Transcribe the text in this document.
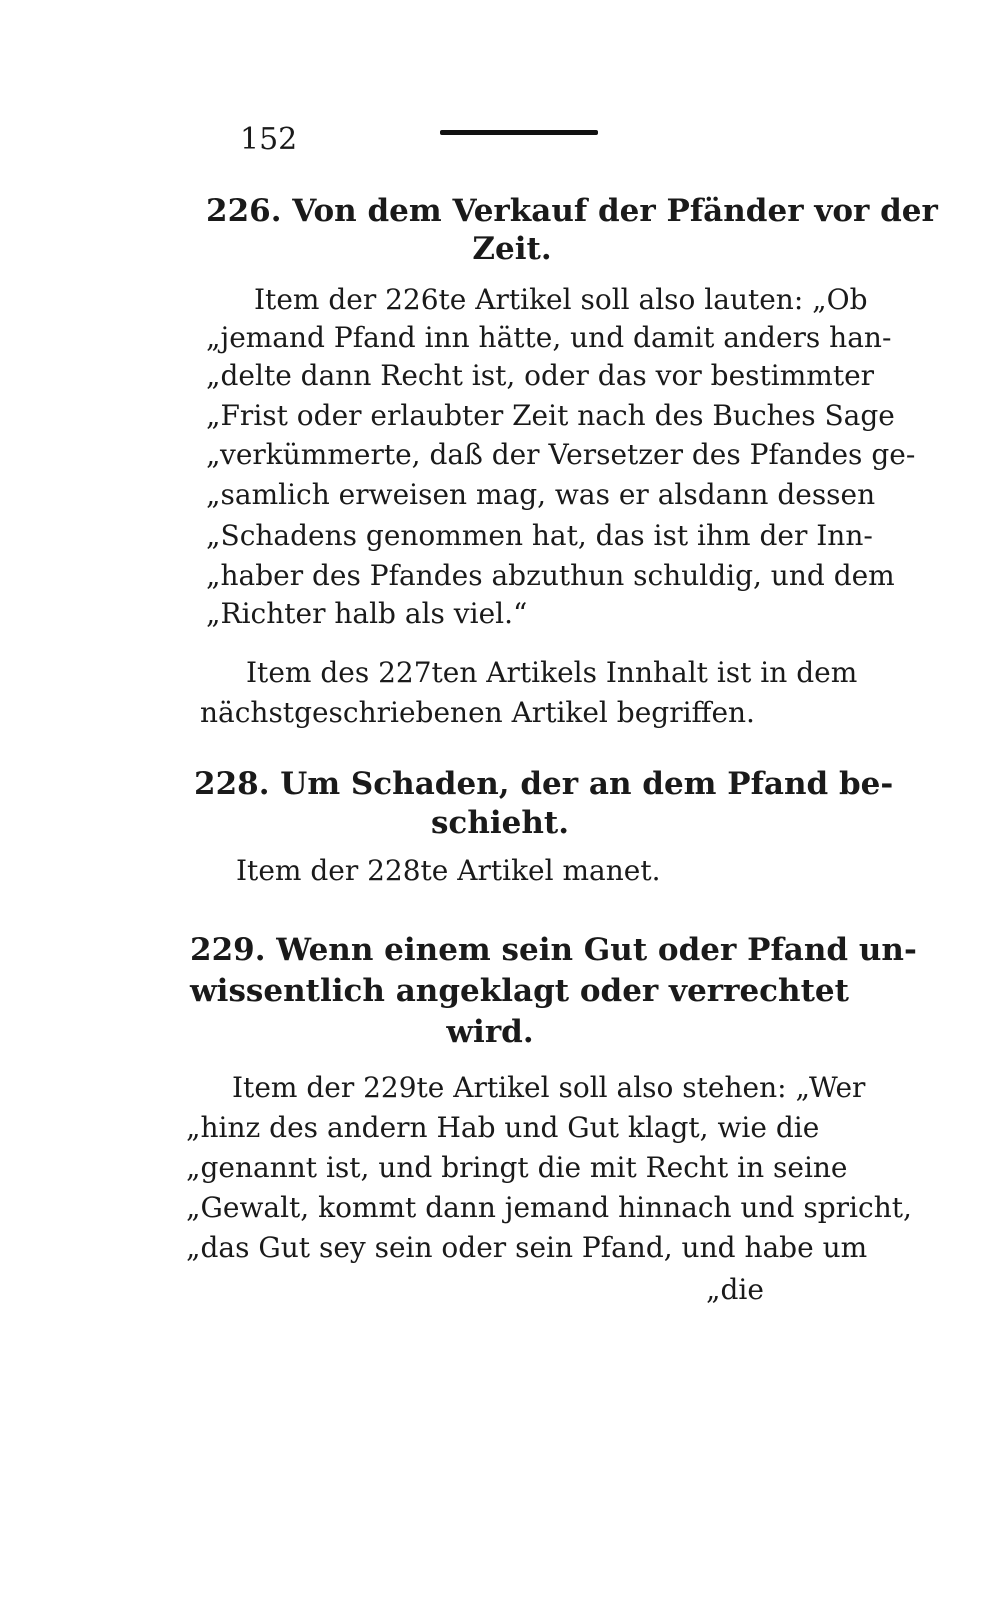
152
226. Von dem Verkauf der Pfänder vor der
Zeit.
Item der 226te Artikel soll also lauten: „Ob
„jemand Pfand inn hätte, und damit anders han-
„delte dann Recht ist, oder das vor bestimmter
„Frist oder erlaubter Zeit nach des Buches Sage
„verkümmerte, daß der Versetzer des Pfandes ge-
„samlich erweisen mag, was er alsdann dessen
„Schadens genommen hat, das ist ihm der Inn-
„haber des Pfandes abzuthun schuldig, und dem
„Richter halb als viel.“
Item des 227ten Artikels Innhalt ist in dem
nächstgeschriebenen Artikel begriffen.
228. Um Schaden, der an dem Pfand be-
schieht.
Item der 228te Artikel manet.
229. Wenn einem sein Gut oder Pfand un-
wissentlich angeklagt oder verrechtet
wird.
Item der 229te Artikel soll also stehen: „Wer
„hinz des andern Hab und Gut klagt, wie die
„genannt ist, und bringt die mit Recht in seine
„Gewalt, kommt dann jemand hinnach und spricht,
„das Gut sey sein oder sein Pfand, und habe um
„die
